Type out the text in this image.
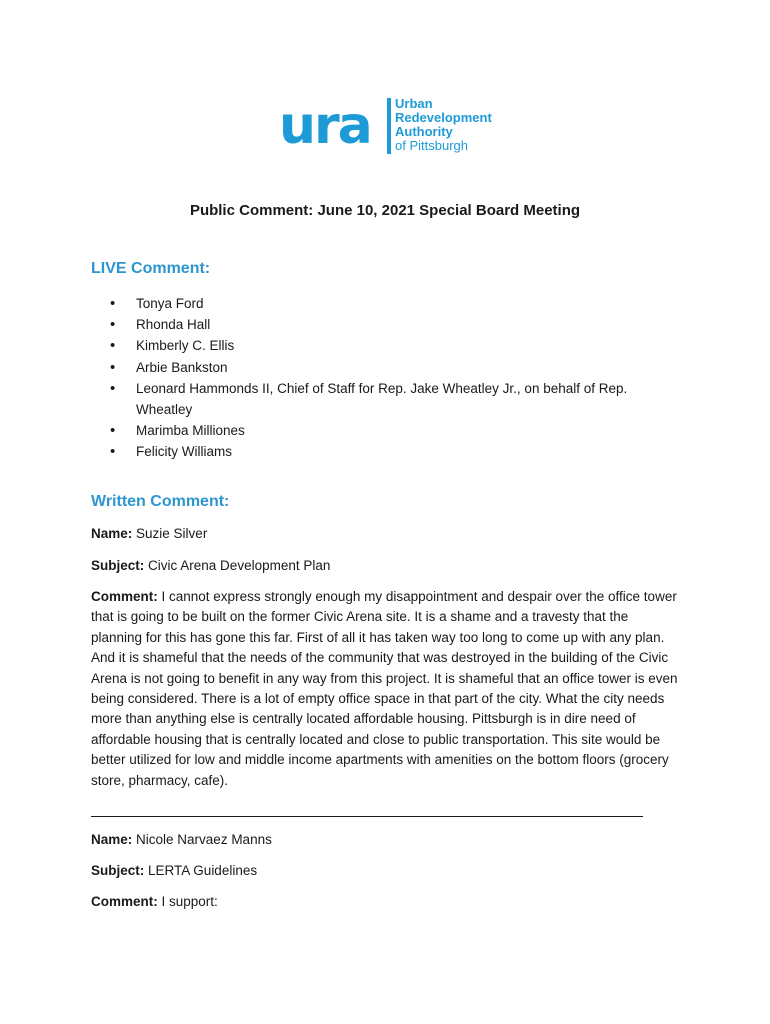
ura Urban
Redevelopment
Authority
of Pittsburgh
Public Comment: June 10, 2021 Special Board Meeting
LIVE Comment:
• Tonya Ford
• Rhonda Hall
• Kimberly C. Ellis
• Arbie Bankston
• Leonard Hammonds II, Chief of Staff for Rep. Jake Wheatley Jr., on behalf of Rep. Wheatley
• Marimba Milliones
• Felicity Williams
Written Comment:
Name: Suzie Silver
Subject: Civic Arena Development Plan
Comment: I cannot express strongly enough my disappointment and despair over the office tower that is going to be built on the former Civic Arena site. It is a shame and a travesty that the planning for this has gone this far. First of all it has taken way too long to come up with any plan. And it is shameful that the needs of the community that was destroyed in the building of the Civic Arena is not going to benefit in any way from this project. It is shameful that an office tower is even being considered. There is a lot of empty office space in that part of the city. What the city needs more than anything else is centrally located affordable housing. Pittsburgh is in dire need of affordable housing that is centrally located and close to public transportation. This site would be better utilized for low and middle income apartments with amenities on the bottom floors (grocery store, pharmacy, cafe).
Name: Nicole Narvaez Manns
Subject: LERTA Guidelines
Comment: I support:
